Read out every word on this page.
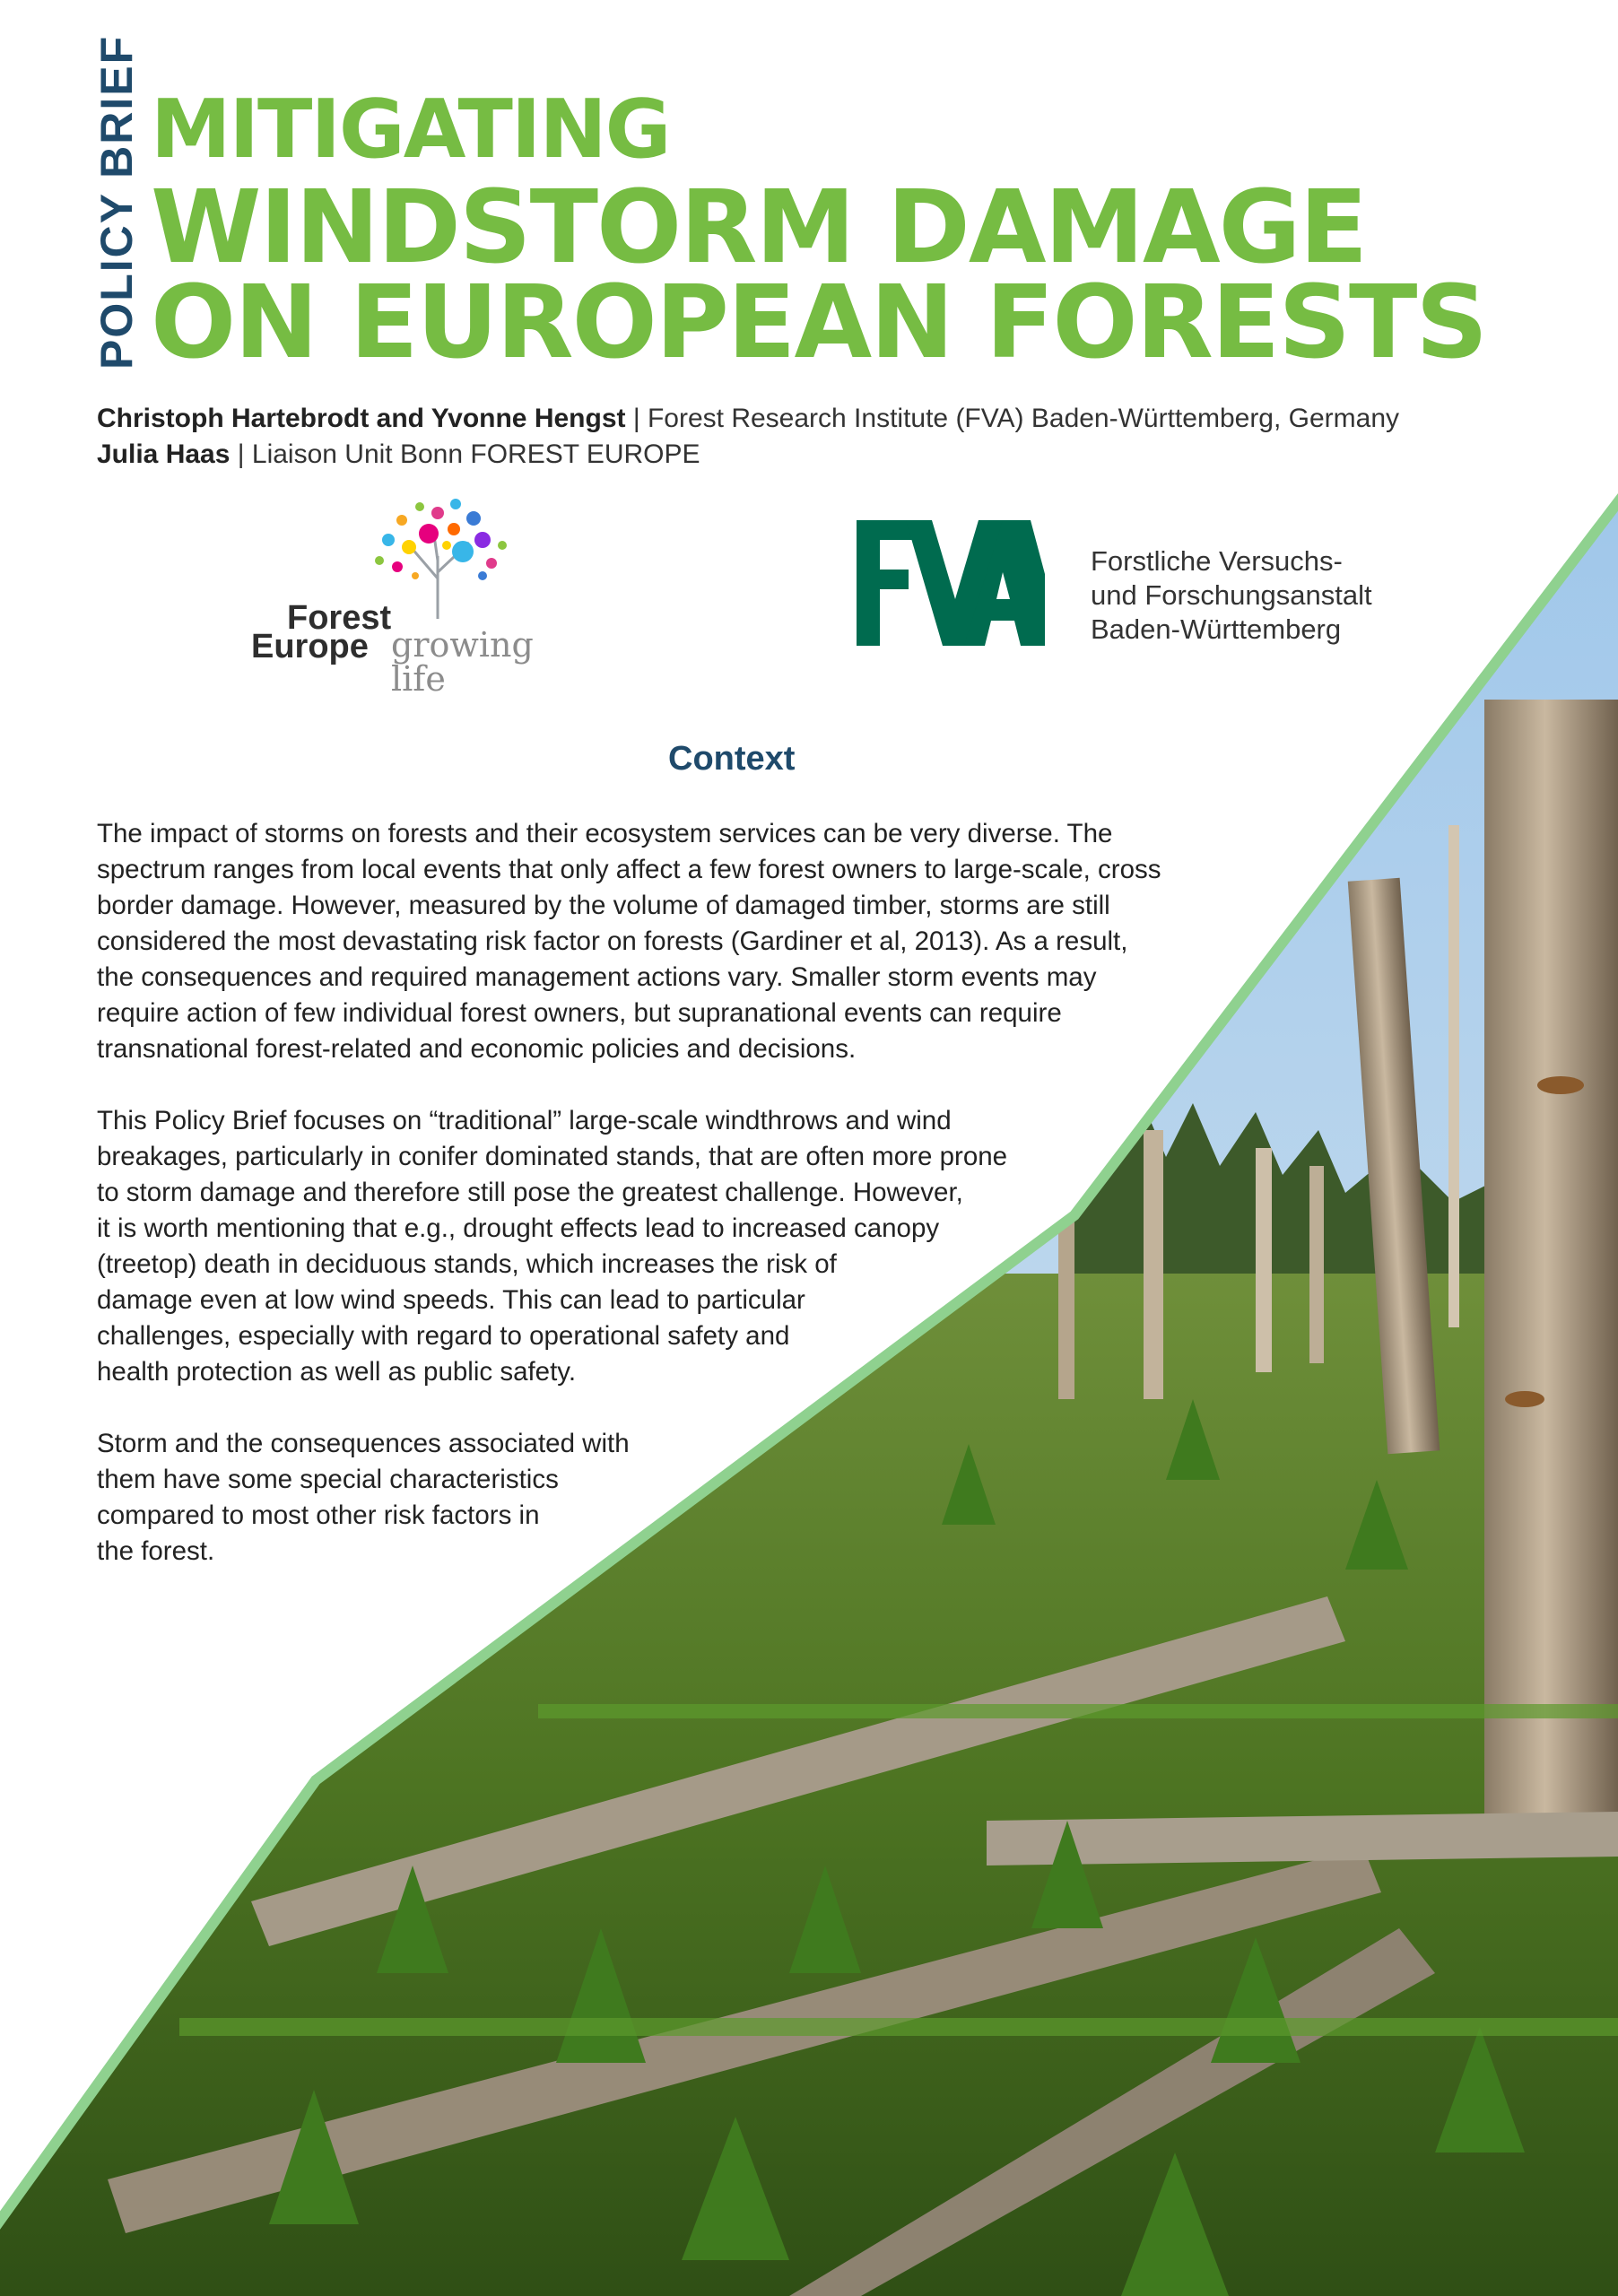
POLICY BRIEF MITIGATING
WINDSTORM DAMAGE
ON EUROPEAN FORESTS
Christoph Hartebrodt and Yvonne Hengst | Forest Research Institute (FVA) Baden-Württemberg, Germany
Julia Haas | Liaison Unit Bonn FOREST EUROPE
Forest
Europe growing life
Forstliche Versuchs-
und Forschungsanstalt
Baden-Württemberg
Context

The impact of storms on forests and their ecosystem services can be very diverse. The
spectrum ranges from local events that only affect a few forest owners to large-scale, cross
border damage. However, measured by the volume of damaged timber, storms are still
considered the most devastating risk factor on forests (Gardiner et al, 2013). As a result,
the consequences and required management actions vary. Smaller storm events may
require action of few individual forest owners, but supranational events can require
transnational forest-related and economic policies and decisions.

This Policy Brief focuses on “traditional” large-scale windthrows and wind
breakages, particularly in conifer dominated stands, that are often more prone
to storm damage and therefore still pose the greatest challenge. However,
it is worth mentioning that e.g., drought effects lead to increased canopy
(treetop) death in deciduous stands, which increases the risk of
damage even at low wind speeds. This can lead to particular
challenges, especially with regard to operational safety and
health protection as well as public safety.

Storm and the consequences associated with
them have some special characteristics
compared to most other risk factors in
the forest.
